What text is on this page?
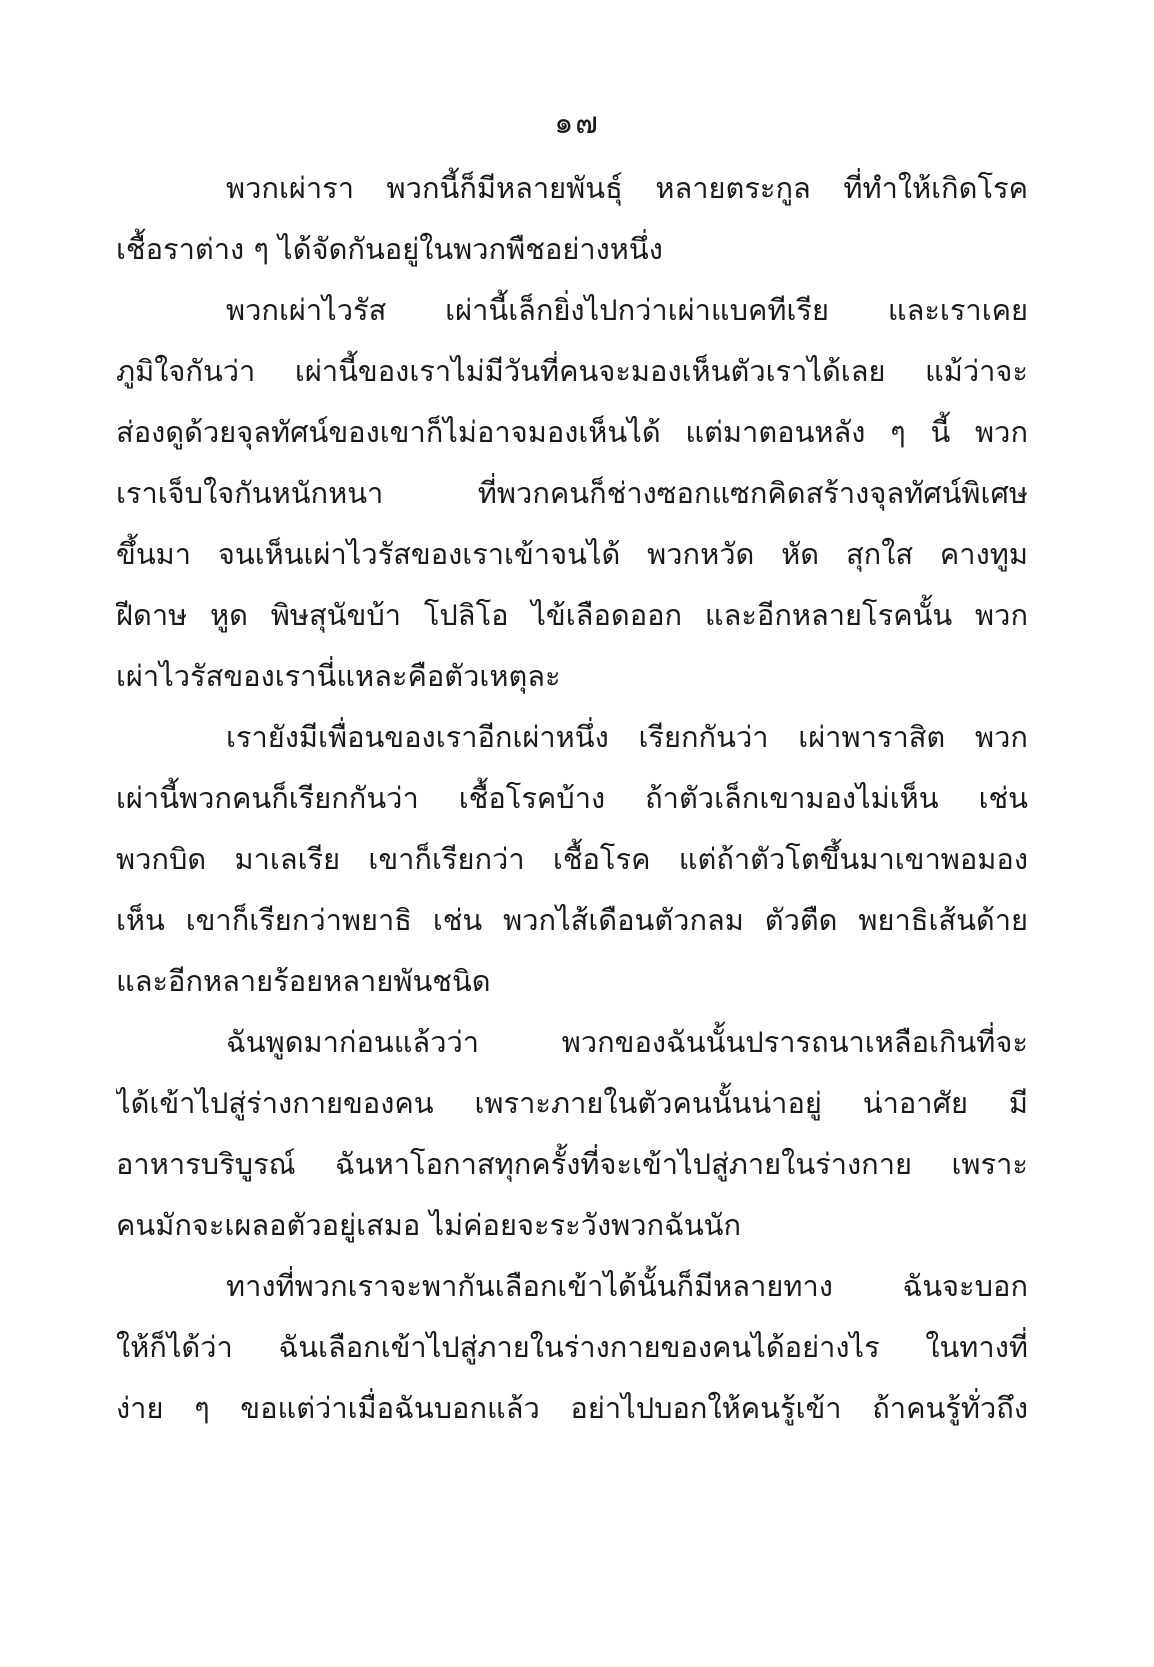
๑๗
พวกเผ่ารา พวกนี้ก็มีหลายพันธุ์ หลายตระกูล ที่ทำให้เกิดโรค
เชื้อราต่าง ๆ ได้จัดกันอยู่ในพวกพืชอย่างหนึ่ง
พวกเผ่าไวรัส เผ่านี้เล็กยิ่งไปกว่าเผ่าแบคทีเรีย และเราเคย
ภูมิใจกันว่า เผ่านี้ของเราไม่มีวันที่คนจะมองเห็นตัวเราได้เลย แม้ว่าจะ
ส่องดูด้วยจุลทัศน์ของเขาก็ไม่อาจมองเห็นได้ แต่มาตอนหลัง ๆ นี้ พวก
เราเจ็บใจกันหนักหนา ที่พวกคนก็ช่างซอกแซกคิดสร้างจุลทัศน์พิเศษ
ขึ้นมา จนเห็นเผ่าไวรัสของเราเข้าจนได้ พวกหวัด หัด สุกใส คางทูม
ฝีดาษ หูด พิษสุนัขบ้า โปลิโอ ไข้เลือดออก และอีกหลายโรคนั้น พวก
เผ่าไวรัสของเรานี่แหละคือตัวเหตุละ
เรายังมีเพื่อนของเราอีกเผ่าหนึ่ง เรียกกันว่า เผ่าพาราสิต พวก
เผ่านี้พวกคนก็เรียกกันว่า เชื้อโรคบ้าง ถ้าตัวเล็กเขามองไม่เห็น เช่น
พวกบิด มาเลเรีย เขาก็เรียกว่า เชื้อโรค แต่ถ้าตัวโตขึ้นมาเขาพอมอง
เห็น เขาก็เรียกว่าพยาธิ เช่น พวกไส้เดือนตัวกลม ตัวตืด พยาธิเส้นด้าย
และอีกหลายร้อยหลายพันชนิด
ฉันพูดมาก่อนแล้วว่า พวกของฉันนั้นปรารถนาเหลือเกินที่จะ
ได้เข้าไปสู่ร่างกายของคน เพราะภายในตัวคนนั้นน่าอยู่ น่าอาศัย มี
อาหารบริบูรณ์ ฉันหาโอกาสทุกครั้งที่จะเข้าไปสู่ภายในร่างกาย เพราะ
คนมักจะเผลอตัวอยู่เสมอ ไม่ค่อยจะระวังพวกฉันนัก
ทางที่พวกเราจะพากันเลือกเข้าได้นั้นก็มีหลายทาง ฉันจะบอก
ให้ก็ได้ว่า ฉันเลือกเข้าไปสู่ภายในร่างกายของคนได้อย่างไร ในทางที่
ง่าย ๆ ขอแต่ว่าเมื่อฉันบอกแล้ว อย่าไปบอกให้คนรู้เข้า ถ้าคนรู้ทั่วถึง
